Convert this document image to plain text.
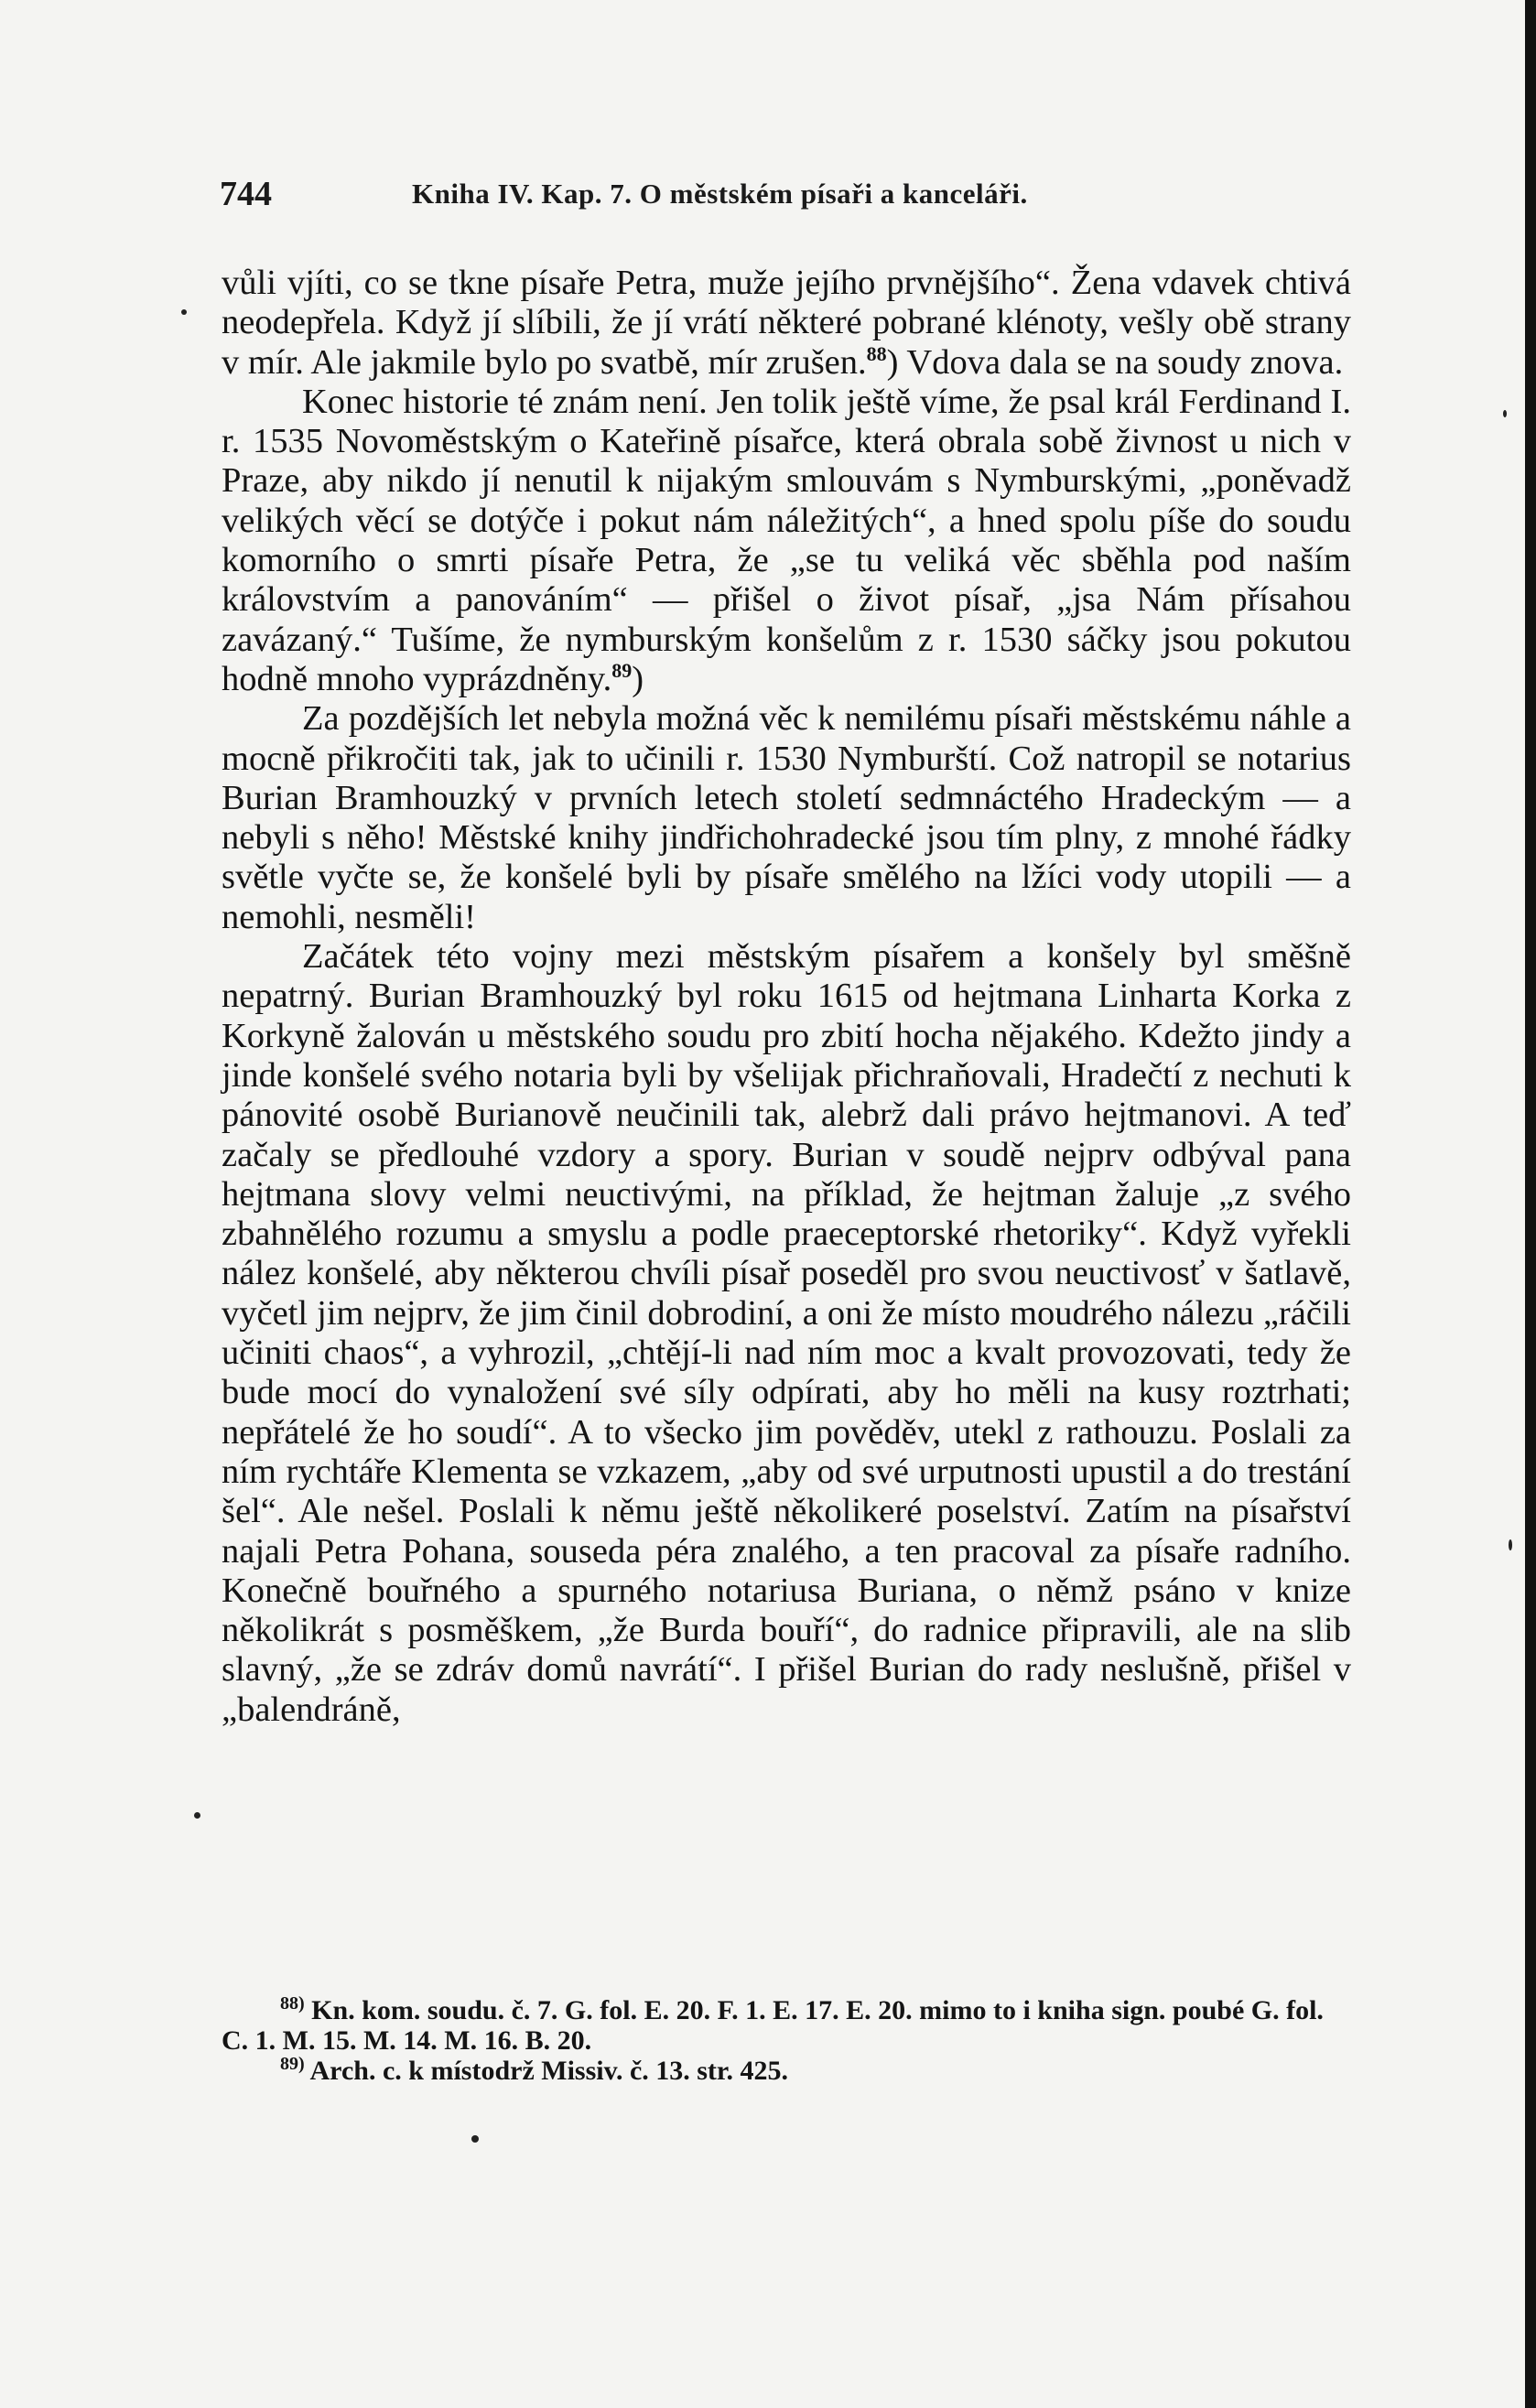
744	Kniha IV. Kap. 7. O městském písaři a kanceláři.

vůli vjíti, co se tkne písaře Petra, muže jejího prvnějšího“. Žena vdavek chtivá neodepřela. Když jí slíbili, že jí vrátí některé pobrané klénoty, vešly obě strany v mír. Ale jakmile bylo po svatbě, mír zrušen.$^{88}$) Vdova dala se na soudy znova.

Konec historie té znám není. Jen tolik ještě víme, že psal král Ferdinand I. r. 1535 Novoměstským o Kateřině písařce, která obrala sobě živnost u nich v Praze, aby nikdo jí nenutil k nijakým smlouvám s Nymburskými, „poněvadž velikých věcí se dotýče i pokut nám náležitých“, a hned spolu píše do soudu komorního o smrti písaře Petra, že „se tu veliká věc sběhla pod naším královstvím a panováním“ — přišel o život písař, „jsa Nám přísahou zavázaný.“ Tušíme, že nymburským konšelům z r. 1530 sáčky jsou pokutou hodně mnoho vyprázdněny.$^{89}$)

Za pozdějších let nebyla možná věc k nemilému písaři městskému náhle a mocně přikročiti tak, jak to učinili r. 1530 Nymburští. Což natropil se notarius Burian Bramhouzký v prvních letech století sedmnáctého Hradeckým — a nebyli s něho! Městské knihy jindřichohradecké jsou tím plny, z mnohé řádky světle vyčte se, že konšelé byli by písaře smělého na lžíci vody utopili — a nemohli, nesměli!

Začátek této vojny mezi městským písařem a konšely byl směšně nepatrný. Burian Bramhouzký byl roku 1615 od hejtmana Linharta Korka z Korkyně žalován u městského soudu pro zbití hocha nějakého. Kdežto jindy a jinde konšelé svého notaria byli by všelijak přichraňovali, Hradečtí z nechuti k pánovité osobě Burianově neučinili tak, alebrž dali právo hejtmanovi. A teď začaly se předlouhé vzdory a spory. Burian v soudě nejprv odbýval pana hejtmana slovy velmi neuctivými, na příklad, že hejtman žaluje „z svého zbahnělého rozumu a smyslu a podle praeceptorské rhetoriky“. Když vyřekli nález konšelé, aby některou chvíli písař poseděl pro svou neuctivosť v šatlavě, vyčetl jim nejprv, že jim činil dobrodiní, a oni že místo moudrého nálezu „ráčili učiniti chaos“, a vyhrozil, „chtějí-li nad ním moc a kvalt provozovati, tedy že bude mocí do vynaložení své síly odpírati, aby ho měli na kusy roztrhati; nepřátelé že ho soudí“. A to všecko jim pověděv, utekl z rathouzu. Poslali za ním rychtáře Klementa se vzkazem, „aby od své urputnosti upustil a do trestání šel“. Ale nešel. Poslali k němu ještě několikeré poselství. Zatím na písařství najali Petra Pohana, souseda péra znalého, a ten pracoval za písaře radního. Konečně bouřného a spurného notariusa Buriana, o němž psáno v knize několikrát s posměškem, „že Burda bouří“, do radnice připravili, ale na slib slavný, „že se zdráv domů navrátí“. I přišel Burian do rady neslušně, přišel v „balendráně,

$^{88)}$ Kn. kom. soudu. č. 7. G. fol. E. 20. F. 1. E. 17. E. 20. mimo to i kniha sign. poubé G. fol. C. 1. M. 15. M. 14. M. 16. B. 20.

$^{89)}$ Arch. c. k místodrž Missiv. č. 13. str. 425.
